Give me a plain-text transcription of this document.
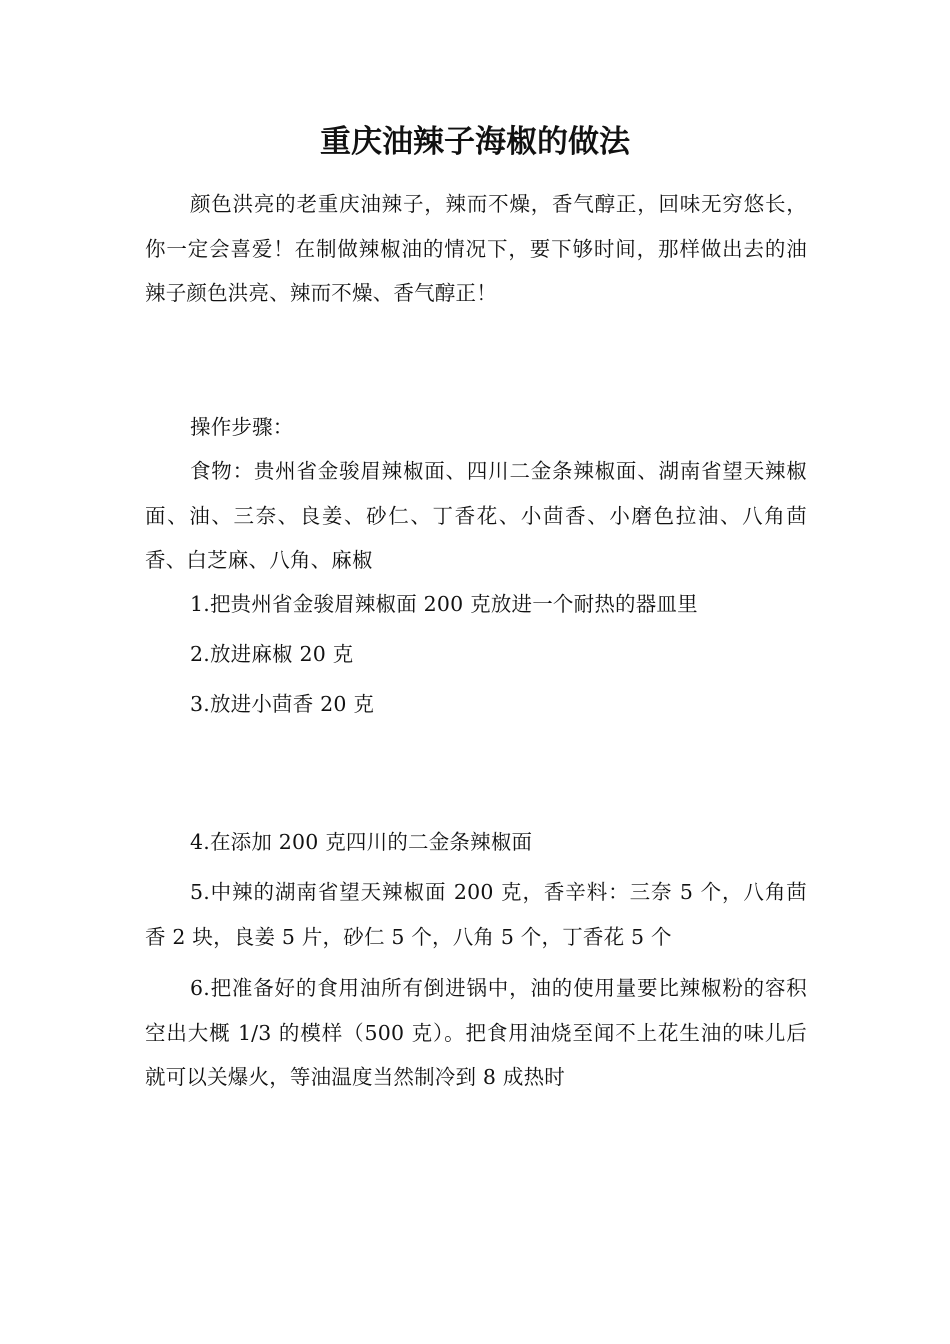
重庆油辣子海椒的做法

颜色洪亮的老重庆油辣子，辣而不燥，香气醇正，回味无穷悠长，你一定会喜爱！在制做辣椒油的情况下，要下够时间，那样做出去的油辣子颜色洪亮、辣而不燥、香气醇正！

操作步骤：

食物：贵州省金骏眉辣椒面、四川二金条辣椒面、湖南省望天辣椒面、油、三奈、良姜、砂仁、丁香花、小茴香、小磨色拉油、八角茴香、白芝麻、八角、麻椒

1.把贵州省金骏眉辣椒面 200 克放进一个耐热的器皿里

2.放进麻椒 20 克

3.放进小茴香 20 克

4.在添加 200 克四川的二金条辣椒面

5.中辣的湖南省望天辣椒面 200 克，香辛料：三奈 5 个，八角茴香 2 块，良姜 5 片，砂仁 5 个，八角 5 个，丁香花 5 个

6.把准备好的食用油所有倒进锅中，油的使用量要比辣椒粉的容积空出大概 1/3 的模样（500 克）。把食用油烧至闻不上花生油的味儿后就可以关爆火，等油温度当然制冷到 8 成热时
